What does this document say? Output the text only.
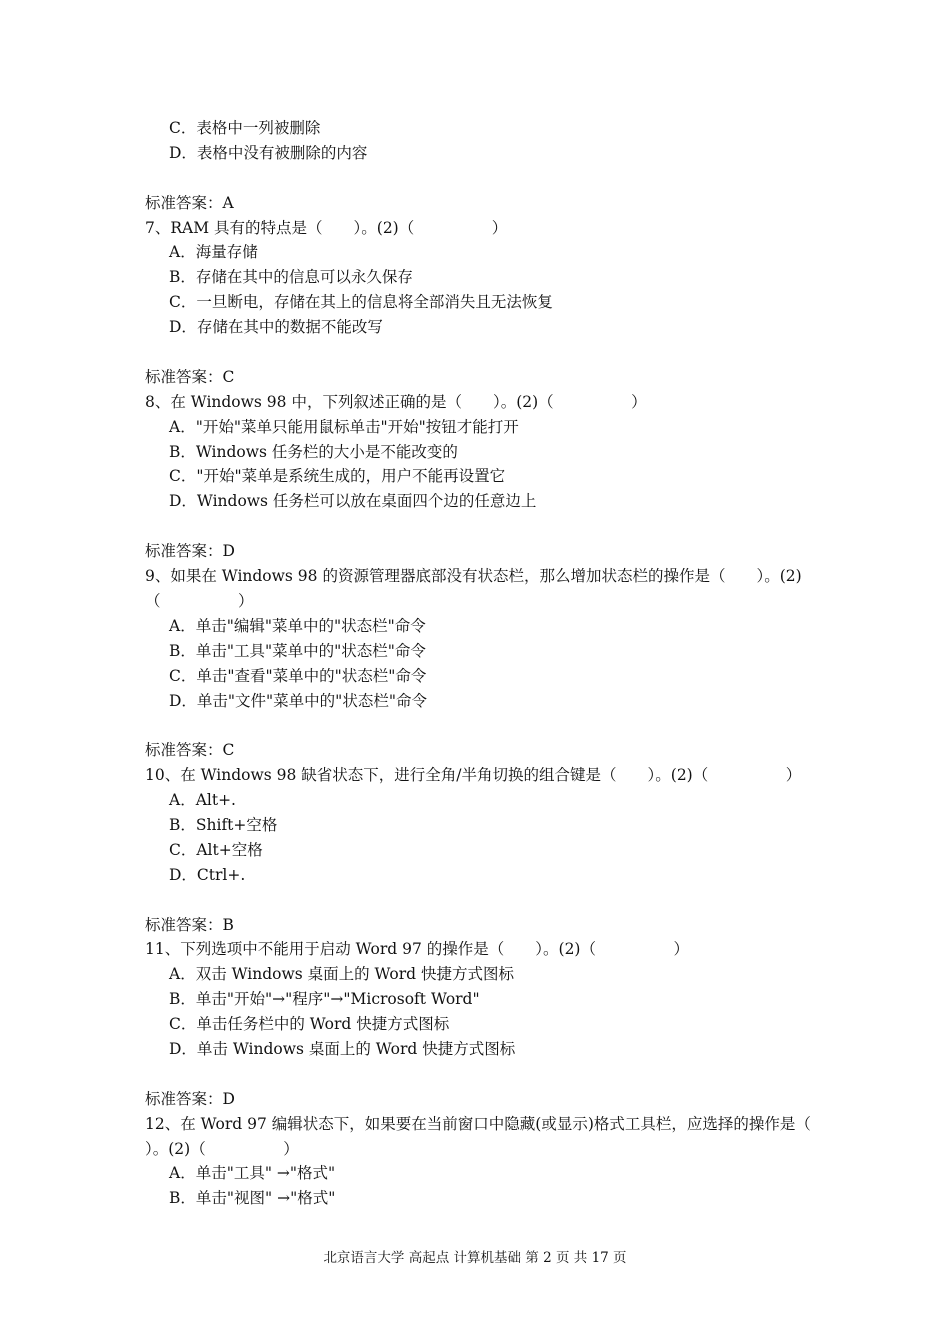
C．表格中一列被删除
D．表格中没有被删除的内容
标准答案：A
7、RAM 具有的特点是（　　）。(2)（　　　　　）
A．海量存储
B．存储在其中的信息可以永久保存
C．一旦断电，存储在其上的信息将全部消失且无法恢复
D．存储在其中的数据不能改写
标准答案：C
8、在 Windows 98 中，下列叙述正确的是（　　）。(2)（　　　　　）
A．"开始"菜单只能用鼠标单击"开始"按钮才能打开
B．Windows 任务栏的大小是不能改变的
C．"开始"菜单是系统生成的，用户不能再设置它
D．Windows 任务栏可以放在桌面四个边的任意边上
标准答案：D
9、如果在 Windows 98 的资源管理器底部没有状态栏，那么增加状态栏的操作是（　　）。(2)（　　　　　）
A．单击"编辑"菜单中的"状态栏"命令
B．单击"工具"菜单中的"状态栏"命令
C．单击"查看"菜单中的"状态栏"命令
D．单击"文件"菜单中的"状态栏"命令
标准答案：C
10、在 Windows 98 缺省状态下，进行全角/半角切换的组合键是（　　）。(2)（　　　　　）
A．Alt+.
B．Shift+空格
C．Alt+空格
D．Ctrl+.
标准答案：B
11、下列选项中不能用于启动 Word 97 的操作是（　　）。(2)（　　　　　）
A．双击 Windows 桌面上的 Word 快捷方式图标
B．单击"开始"→"程序"→"Microsoft Word"
C．单击任务栏中的 Word 快捷方式图标
D．单击 Windows 桌面上的 Word 快捷方式图标
标准答案：D
12、在 Word 97 编辑状态下，如果要在当前窗口中隐藏(或显示)格式工具栏，应选择的操作是（　　）。(2)（　　　　　）
A．单击"工具" →"格式"
B．单击"视图" →"格式"
北京语言大学 高起点 计算机基础 第 2 页 共 17 页
